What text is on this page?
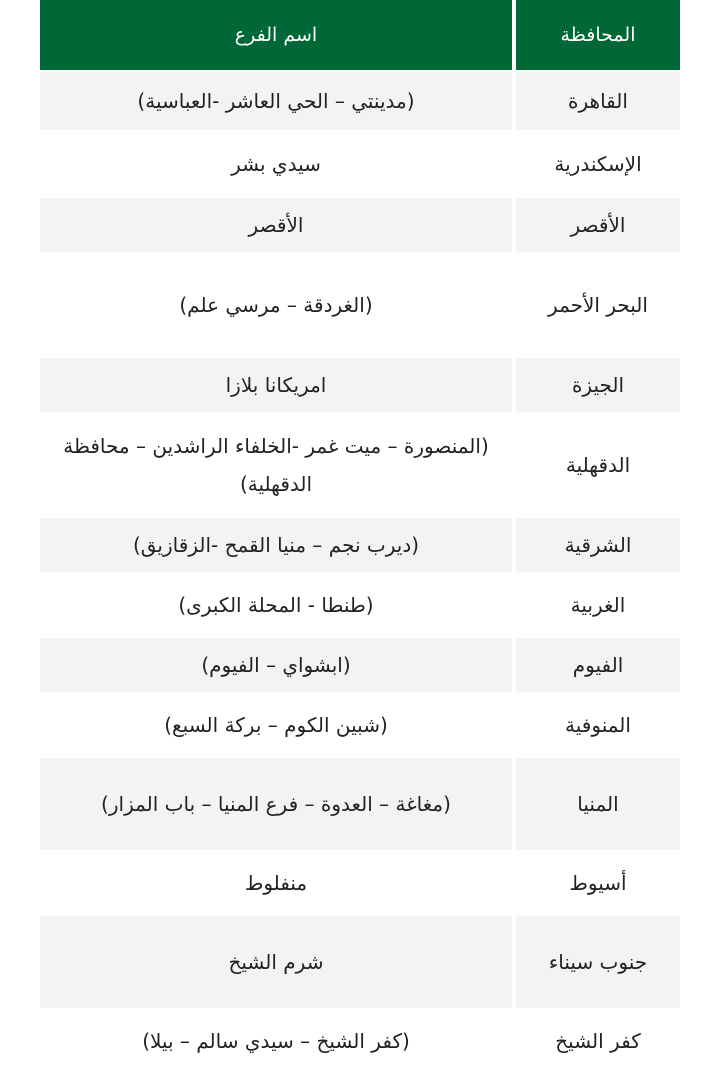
المحافظة	اسم الفرع
القاهرة	(مدينتي – الحي العاشر -العباسية)
الإسكندرية	سيدي بشر
الأقصر	الأقصر
البحر الأحمر	(الغردقة – مرسي علم)
الجيزة	امريكانا بلازا
الدقهلية	(المنصورة – ميت غمر -الخلفاء الراشدين – محافظة الدقهلية)
الشرقية	(ديرب نجم – منيا القمح -الزقازيق)
الغربية	(طنطا - المحلة الكبرى)
الفيوم	(ابشواي – الفيوم)
المنوفية	(شبين الكوم – بركة السبع)
المنيا	(مغاغة – العدوة – فرع المنيا – باب المزار)
أسيوط	منفلوط
جنوب سيناء	شرم الشيخ
كفر الشيخ	(كفر الشيخ – سيدي سالم – بيلا)
